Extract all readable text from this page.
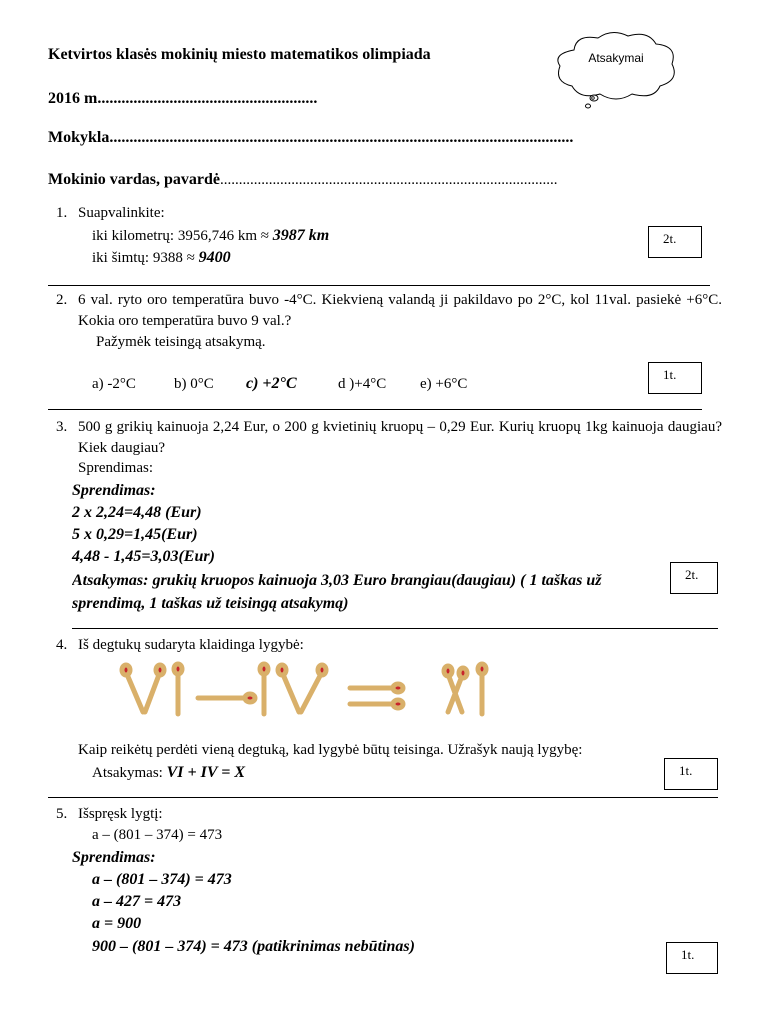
Ketvirtos klasės mokinių miesto matematikos olimpiada
2016 m.......................................................
Mokykla....................................................................................................................
Mokinio vardas, pavardė..........................................................................................
Atsakymai
1. Suapvalinkite:
iki kilometrų: 3956,746 km ≈ 3987 km
iki šimtų: 9388 ≈ 9400
2t.
2. 6 val. ryto oro temperatūra buvo -4°C. Kiekvieną valandą ji pakildavo po 2°C, kol 11val. pasiekė +6°C. Kokia oro temperatūra buvo 9 val.?
Pažymėk teisingą atsakymą.
a) -2°C	b) 0°C c) +2°C	d )+4°C e) +6°C
1t.
3. 500 g grikių kainuoja 2,24 Eur, o 200 g kvietinių kruopų – 0,29 Eur. Kurių kruopų 1kg kainuoja daugiau? Kiek daugiau?
Sprendimas:
Sprendimas:
2 x 2,24=4,48 (Eur)
5 x 0,29=1,45(Eur)
4,48 - 1,45=3,03(Eur)
Atsakymas: grukių kruopos kainuoja 3,03 Euro brangiau(daugiau) ( 1 taškas už
sprendimą, 1 taškas už teisingą atsakymą)
2t.
4. Iš degtukų sudaryta klaidinga lygybė:
Kaip reikėtų perdėti vieną degtuką, kad lygybė būtų teisinga. Užrašyk naują lygybę:
Atsakymas: VI + IV = X	1t.
5. Išspręsk lygtį:
a – (801 – 374) = 473
Sprendimas:
a – (801 – 374) = 473
a – 427 = 473
a = 900
900 – (801 – 374) = 473 (patikrinimas nebūtinas)	1t.
